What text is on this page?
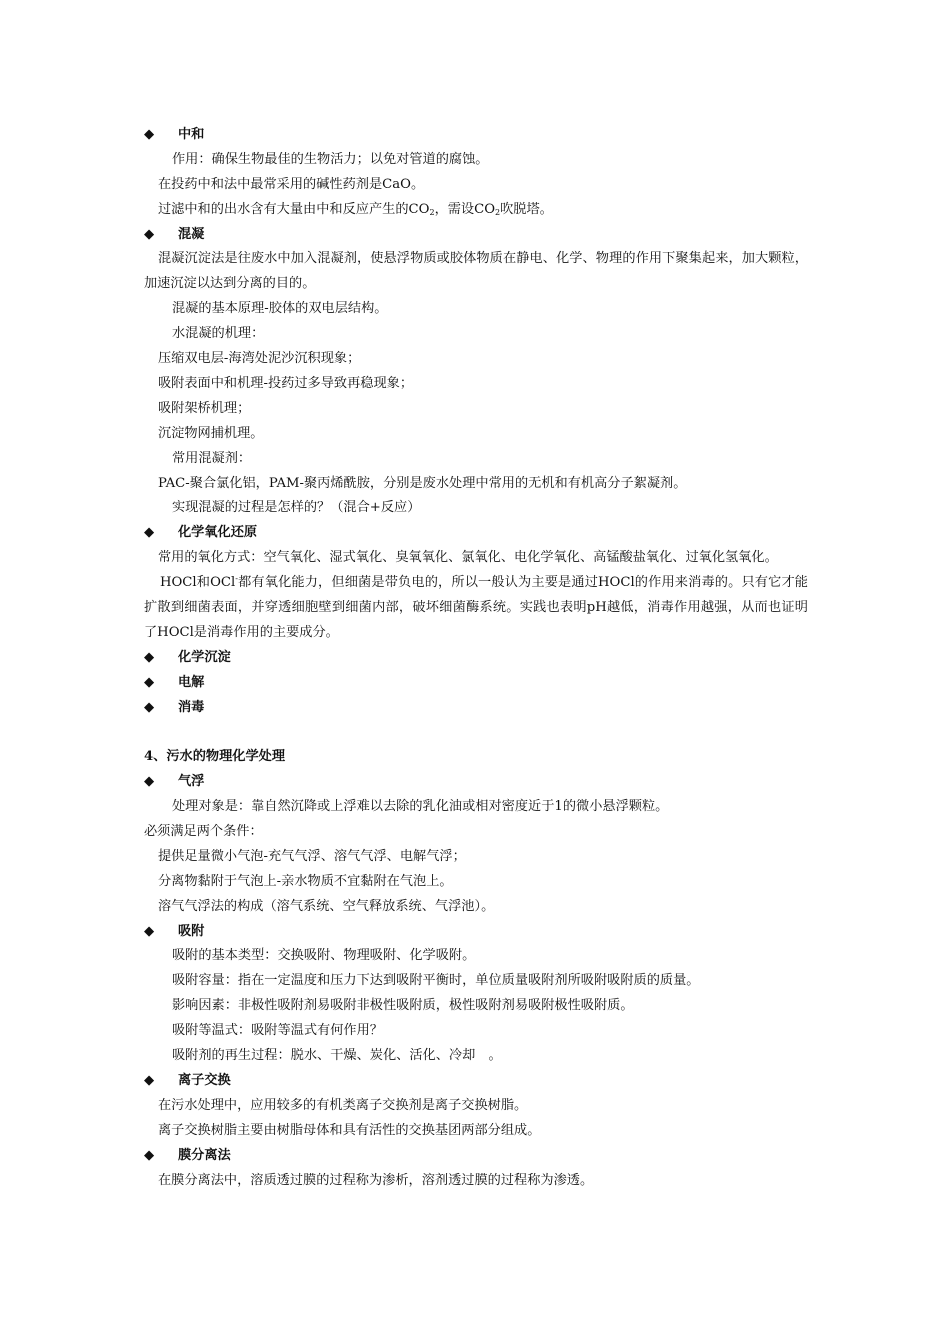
◆ 中和
作用：确保生物最佳的生物活力；以免对管道的腐蚀。
在投药中和法中最常采用的碱性药剂是CaO。
过滤中和的出水含有大量由中和反应产生的$CO_2$，需设$CO_2$吹脱塔。
◆ 混凝
混凝沉淀法是往废水中加入混凝剂，使悬浮物质或胶体物质在静电、化学、物理的作用下聚集起来，加大颗粒，加速沉淀以达到分离的目的。
混凝的基本原理-胶体的双电层结构。
水混凝的机理：
压缩双电层-海湾处泥沙沉积现象；
吸附表面中和机理-投药过多导致再稳现象；
吸附架桥机理；
沉淀物网捕机理。
常用混凝剂：
PAC-聚合氯化铝，PAM-聚丙烯酰胺，分别是废水处理中常用的无机和有机高分子絮凝剂。
实现混凝的过程是怎样的？（混合+反应）
◆ 化学氧化还原
常用的氧化方式：空气氧化、湿式氧化、臭氧氧化、氯氧化、电化学氧化、高锰酸盐氧化、过氧化氢氧化。
HOCl和OCl-都有氧化能力，但细菌是带负电的，所以一般认为主要是通过HOCl的作用来消毒的。只有它才能扩散到细菌表面，并穿透细胞壁到细菌内部，破坏细菌酶系统。实践也表明pH越低，消毒作用越强，从而也证明了HOCl是消毒作用的主要成分。
◆ 化学沉淀
◆ 电解
◆ 消毒
4、污水的物理化学处理
◆ 气浮
处理对象是：靠自然沉降或上浮难以去除的乳化油或相对密度近于1的微小悬浮颗粒。
必须满足两个条件：
提供足量微小气泡-充气气浮、溶气气浮、电解气浮；
分离物黏附于气泡上-亲水物质不宜黏附在气泡上。
溶气气浮法的构成（溶气系统、空气释放系统、气浮池）。
◆ 吸附
吸附的基本类型：交换吸附、物理吸附、化学吸附。
吸附容量：指在一定温度和压力下达到吸附平衡时，单位质量吸附剂所吸附吸附质的质量。
影响因素：非极性吸附剂易吸附非极性吸附质，极性吸附剂易吸附极性吸附质。
吸附等温式：吸附等温式有何作用？
吸附剂的再生过程：脱水、干燥、炭化、活化、冷却　。
◆ 离子交换
在污水处理中，应用较多的有机类离子交换剂是离子交换树脂。
离子交换树脂主要由树脂母体和具有活性的交换基团两部分组成。
◆ 膜分离法
在膜分离法中，溶质透过膜的过程称为渗析，溶剂透过膜的过程称为渗透。
